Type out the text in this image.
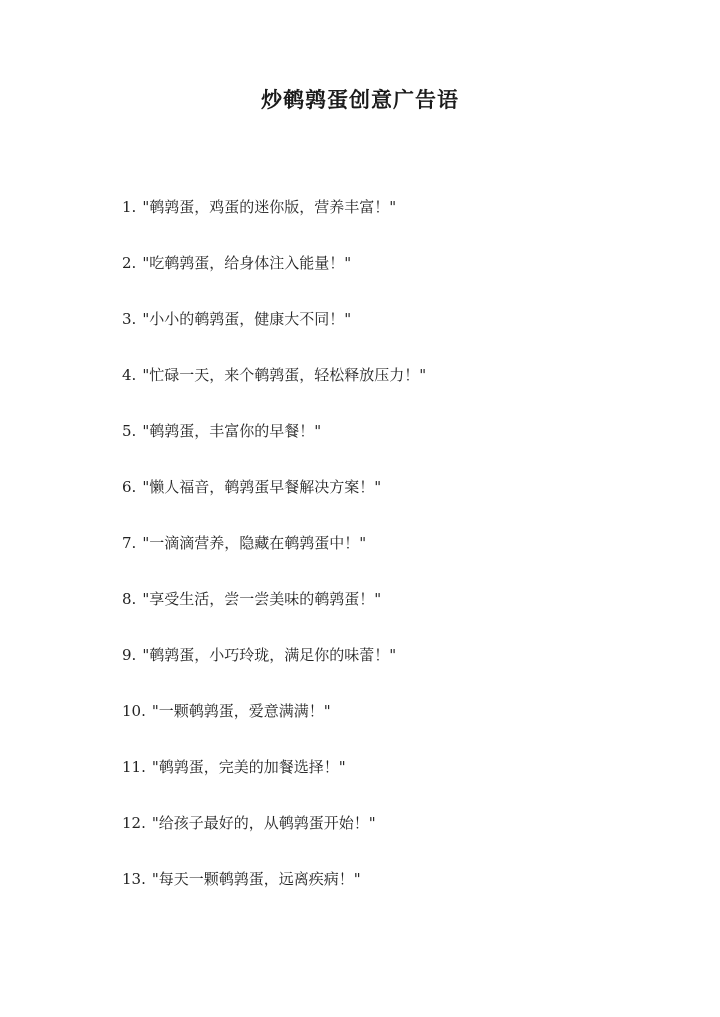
炒鹌鹑蛋创意广告语
1. "鹌鹑蛋，鸡蛋的迷你版，营养丰富！"
2. "吃鹌鹑蛋，给身体注入能量！"
3. "小小的鹌鹑蛋，健康大不同！"
4. "忙碌一天，来个鹌鹑蛋，轻松释放压力！"
5. "鹌鹑蛋，丰富你的早餐！"
6. "懒人福音，鹌鹑蛋早餐解决方案！"
7. "一滴滴营养，隐藏在鹌鹑蛋中！"
8. "享受生活，尝一尝美味的鹌鹑蛋！"
9. "鹌鹑蛋，小巧玲珑，满足你的味蕾！"
10. "一颗鹌鹑蛋，爱意满满！"
11. "鹌鹑蛋，完美的加餐选择！"
12. "给孩子最好的，从鹌鹑蛋开始！"
13. "每天一颗鹌鹑蛋，远离疾病！"
